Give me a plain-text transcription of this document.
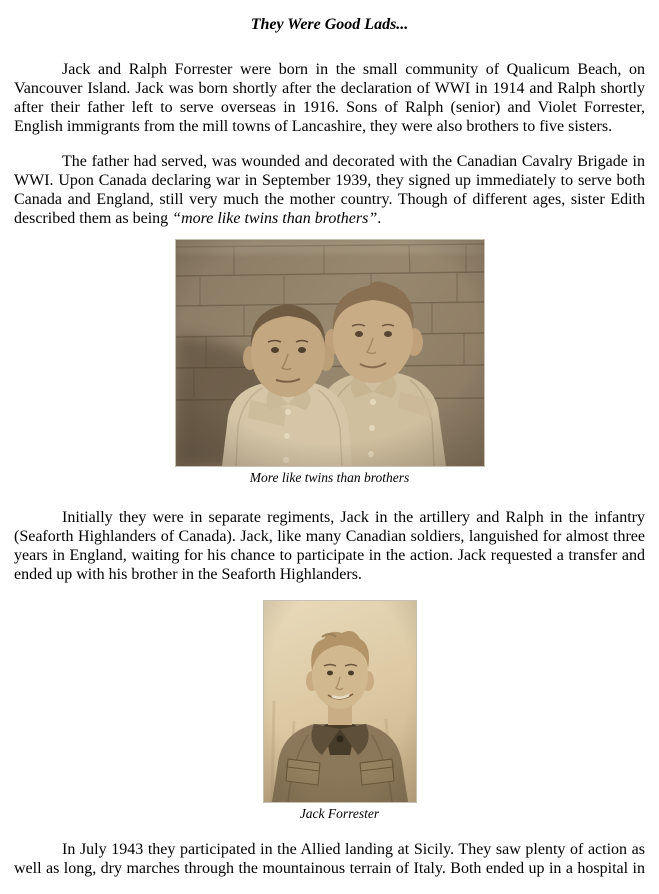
They Were Good Lads...

Jack and Ralph Forrester were born in the small community of Qualicum Beach, on Vancouver Island. Jack was born shortly after the declaration of WWI in 1914 and Ralph shortly after their father left to serve overseas in 1916. Sons of Ralph (senior) and Violet Forrester, English immigrants from the mill towns of Lancashire, they were also brothers to five sisters.

The father had served, was wounded and decorated with the Canadian Cavalry Brigade in WWI. Upon Canada declaring war in September 1939, they signed up immediately to serve both Canada and England, still very much the mother country. Though of different ages, sister Edith described them as being “more like twins than brothers”.

More like twins than brothers

Initially they were in separate regiments, Jack in the artillery and Ralph in the infantry (Seaforth Highlanders of Canada). Jack, like many Canadian soldiers, languished for almost three years in England, waiting for his chance to participate in the action. Jack requested a transfer and ended up with his brother in the Seaforth Highlanders.

Jack Forrester

In July 1943 they participated in the Allied landing at Sicily. They saw plenty of action as well as long, dry marches through the mountainous terrain of Italy. Both ended up in a hospital in
